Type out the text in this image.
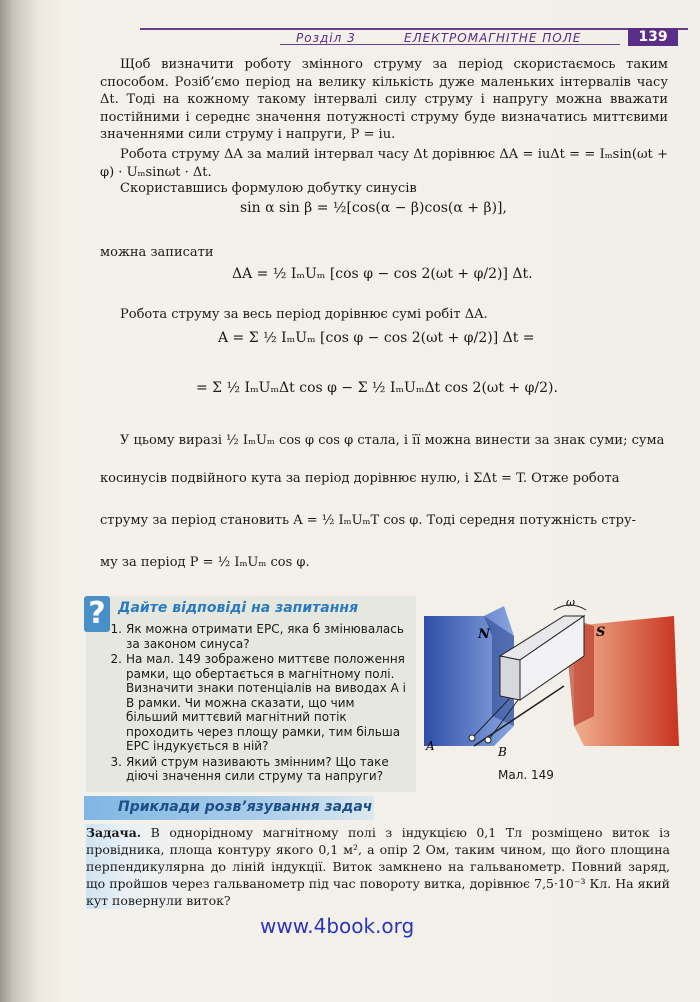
Розділ 3	ЕЛЕКТРОМАГНІТНЕ ПОЛЕ	139
Щоб визначити роботу змінного струму за період скористаємось таким способом. Розіб’ємо період на велику кількість дуже маленьких інтервалів часу Δt. Тоді на кожному такому інтервалі силу струму і напругу можна вважати постійними і середнє значення потужності струму буде визначатись миттєвими значеннями сили струму і напруги, P = iu.
Робота струму ΔA за малий інтервал часу Δt дорівнює ΔA = iuΔt = = Iₘsin(ωt + φ) · Uₘsinωt · Δt.
Скориставшись формулою добутку синусів
sin α sin β = ½[cos(α − β)cos(α + β)],
можна записати
ΔA = ½ IₘUₘ [cos φ − cos 2(ωt + φ/2)] Δt.
Робота струму за весь період дорівнює сумі робіт ΔA.
A = Σ ½ IₘUₘ [cos φ − cos 2(ωt + φ/2)] Δt =
= Σ ½ IₘUₘΔt cos φ − Σ ½ IₘUₘΔt cos 2(ωt + φ/2).
У цьому виразі ½ IₘUₘ cos φ cos φ стала, і її можна винести за знак суми; сума
косинусів подвійного кута за період дорівнює нулю, і ΣΔt = T. Отже робота
струму за період становить A = ½ IₘUₘT cos φ. Тоді середня потужність стру-
му за період P = ½ IₘUₘ cos φ.
? Дайте відповіді на запитання
1. Як можна отримати ЕРС, яка б змінювалась за законом синуса?
2. На мал. 149 зображено миттєве положення рамки, що обертається в магнітному полі. Визначити знаки потенціалів на виводах A і B рамки. Чи можна сказати, що чим більший миттєвий магнітний потік проходить через площу рамки, тим більша ЕРС індукується в ній?
3. Який струм називають змінним? Що таке діючі значення сили струму та напруги?
ω
N	S
A	B
Мал. 149
Приклади розв’язування задач
Задача. В однорідному магнітному полі з індукцією 0,1 Тл розміщено виток із провідника, площа контуру якого 0,1 м², а опір 2 Ом, таким чином, що його площина перпендикулярна до ліній індукції. Виток замкнено на гальванометр. Повний заряд, що пройшов через гальванометр під час повороту витка, дорівнює 7,5·10⁻³ Кл. На який кут повернули виток?
www.4book.org
